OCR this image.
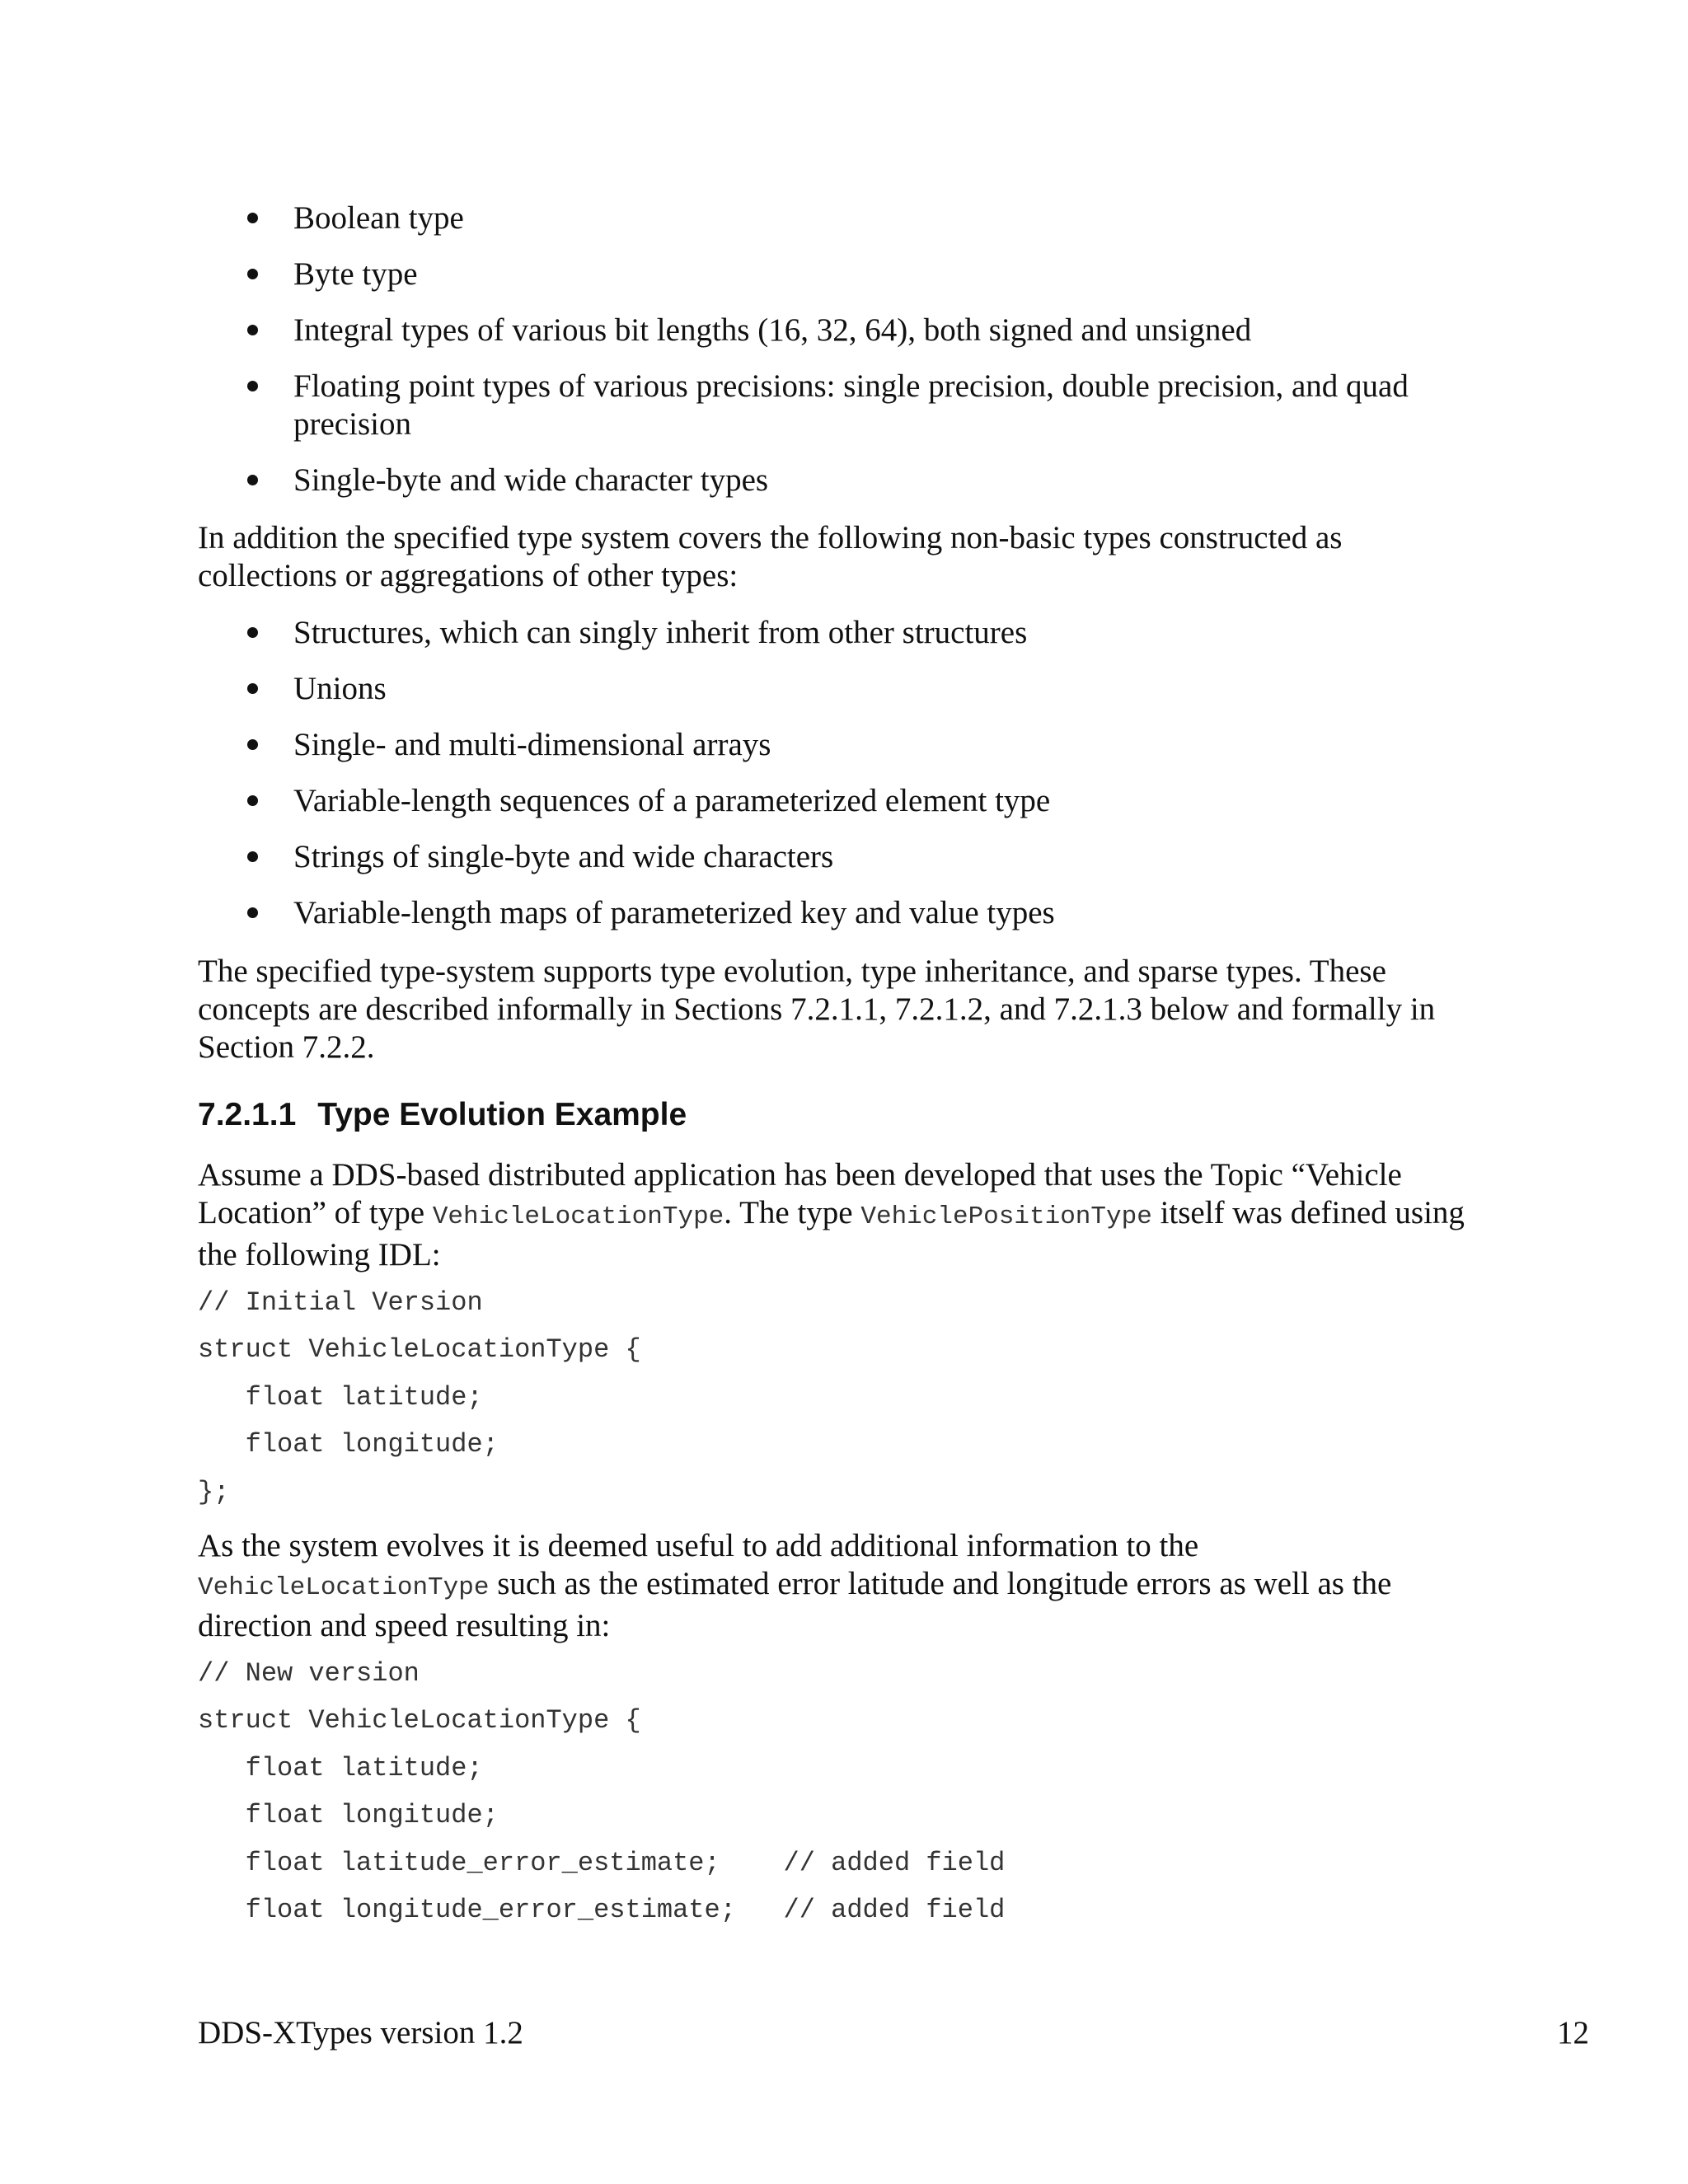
Boolean type
Byte type
Integral types of various bit lengths (16, 32, 64), both signed and unsigned
Floating point types of various precisions: single precision, double precision, and quad precision
Single-byte and wide character types

In addition the specified type system covers the following non-basic types constructed as collections or aggregations of other types:

Structures, which can singly inherit from other structures
Unions
Single- and multi-dimensional arrays
Variable-length sequences of a parameterized element type
Strings of single-byte and wide characters
Variable-length maps of parameterized key and value types

The specified type-system supports type evolution, type inheritance, and sparse types. These concepts are described informally in Sections 7.2.1.1, 7.2.1.2, and 7.2.1.3 below and formally in Section 7.2.2.

7.2.1.1 Type Evolution Example

Assume a DDS-based distributed application has been developed that uses the Topic “Vehicle Location” of type VehicleLocationType. The type VehiclePositionType itself was defined using the following IDL:

// Initial Version
struct VehicleLocationType {
float latitude;
float longitude;
};

As the system evolves it is deemed useful to add additional information to the VehicleLocationType such as the estimated error latitude and longitude errors as well as the direction and speed resulting in:

// New version
struct VehicleLocationType {
float latitude;
float longitude;
float latitude_error_estimate;    // added field
float longitude_error_estimate;   // added field
DDS-XTypes version 1.2	12
